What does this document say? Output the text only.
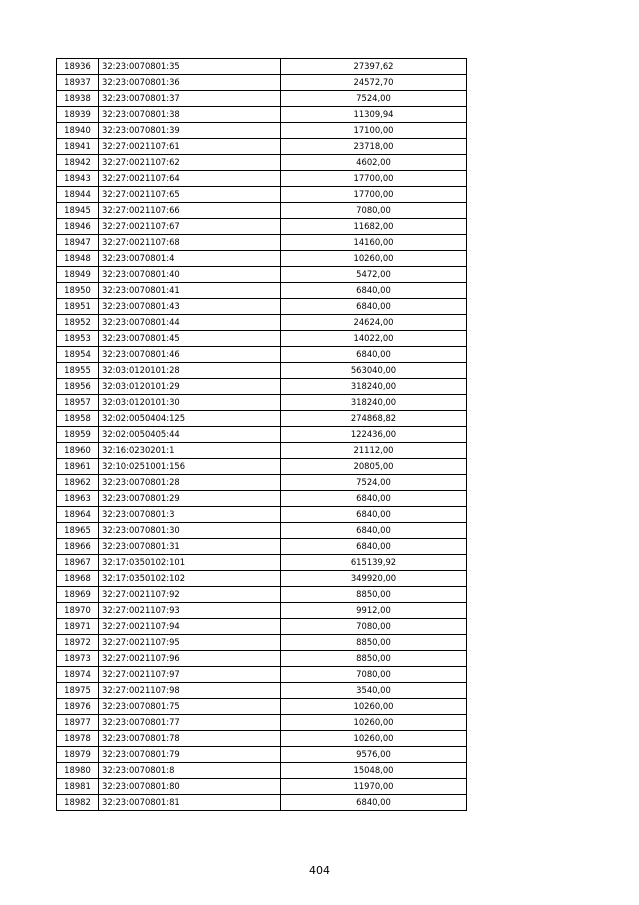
18936	32:23:0070801:35	27397,62
18937	32:23:0070801:36	24572,70
18938	32:23:0070801:37	7524,00
18939	32:23:0070801:38	11309,94
18940	32:23:0070801:39	17100,00
18941	32:27:0021107:61	23718,00
18942	32:27:0021107:62	4602,00
18943	32:27:0021107:64	17700,00
18944	32:27:0021107:65	17700,00
18945	32:27:0021107:66	7080,00
18946	32:27:0021107:67	11682,00
18947	32:27:0021107:68	14160,00
18948	32:23:0070801:4	10260,00
18949	32:23:0070801:40	5472,00
18950	32:23:0070801:41	6840,00
18951	32:23:0070801:43	6840,00
18952	32:23:0070801:44	24624,00
18953	32:23:0070801:45	14022,00
18954	32:23:0070801:46	6840,00
18955	32:03:0120101:28	563040,00
18956	32:03:0120101:29	318240,00
18957	32:03:0120101:30	318240,00
18958	32:02:0050404:125	274868,82
18959	32:02:0050405:44	122436,00
18960	32:16:0230201:1	21112,00
18961	32:10:0251001:156	20805,00
18962	32:23:0070801:28	7524,00
18963	32:23:0070801:29	6840,00
18964	32:23:0070801:3	6840,00
18965	32:23:0070801:30	6840,00
18966	32:23:0070801:31	6840,00
18967	32:17:0350102:101	615139,92
18968	32:17:0350102:102	349920,00
18969	32:27:0021107:92	8850,00
18970	32:27:0021107:93	9912,00
18971	32:27:0021107:94	7080,00
18972	32:27:0021107:95	8850,00
18973	32:27:0021107:96	8850,00
18974	32:27:0021107:97	7080,00
18975	32:27:0021107:98	3540,00
18976	32:23:0070801:75	10260,00
18977	32:23:0070801:77	10260,00
18978	32:23:0070801:78	10260,00
18979	32:23:0070801:79	9576,00
18980	32:23:0070801:8	15048,00
18981	32:23:0070801:80	11970,00
18982	32:23:0070801:81	6840,00
404
